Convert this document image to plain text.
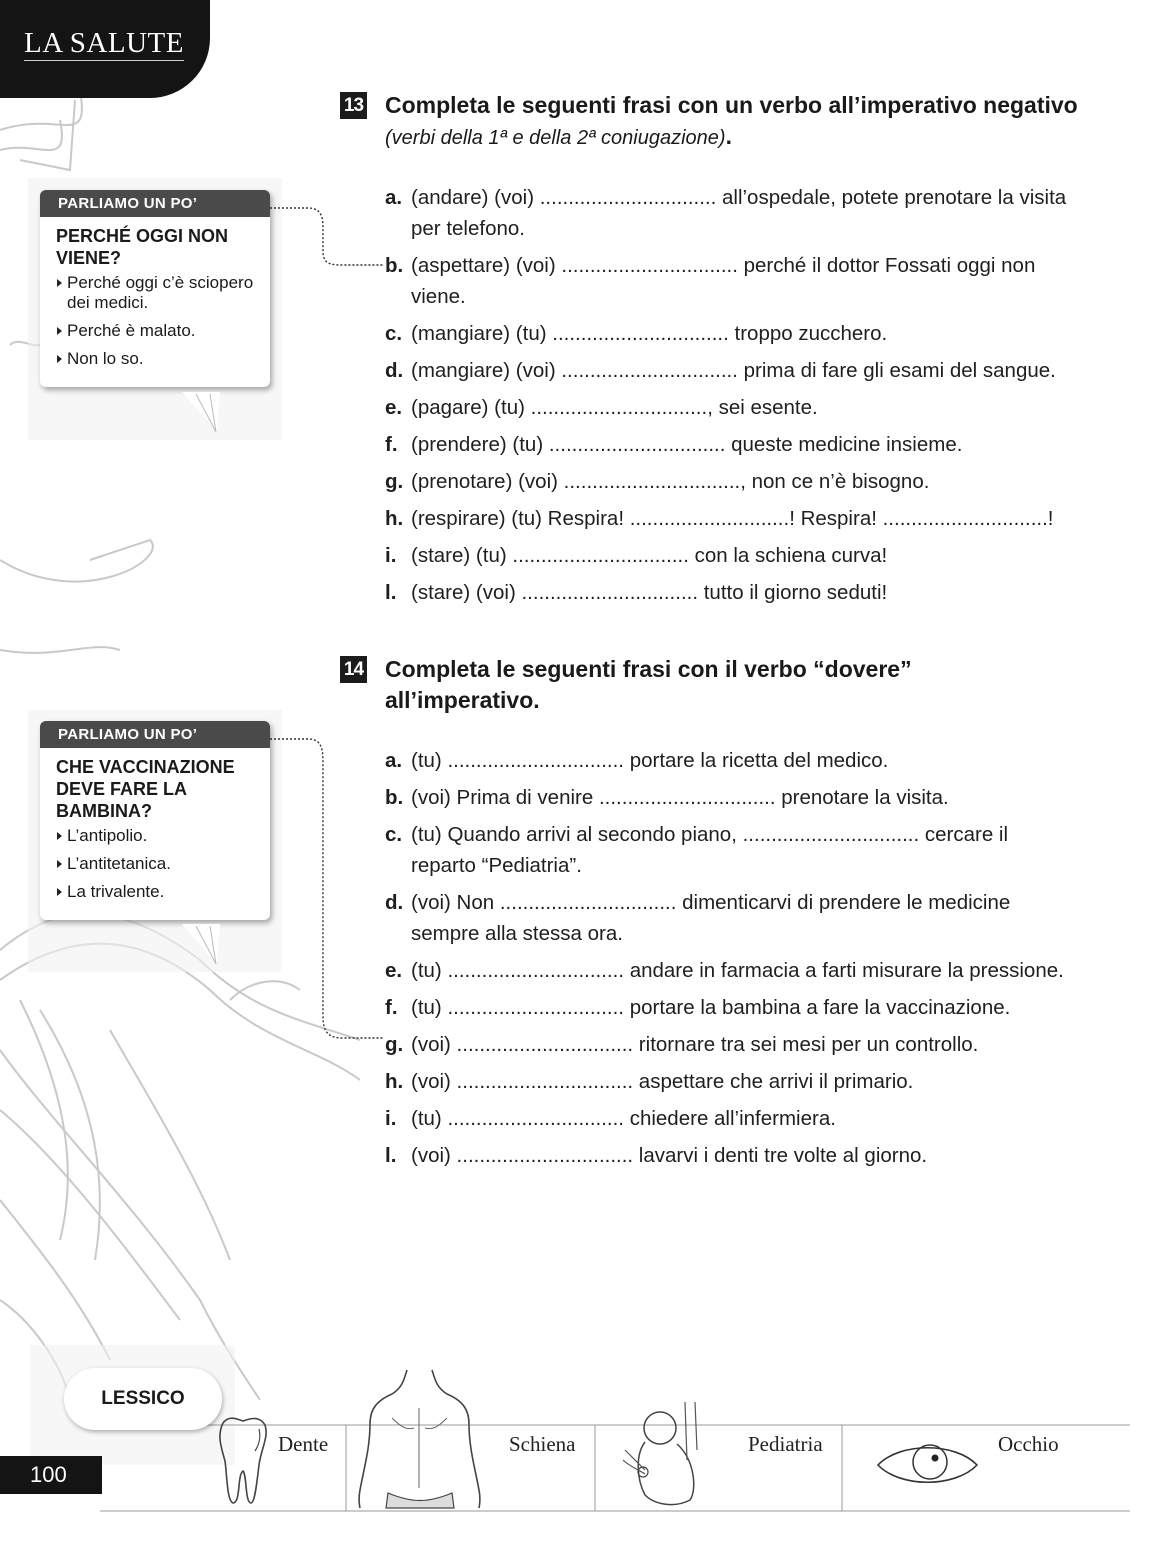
LA SALUTE
13 Completa le seguenti frasi con un verbo all’imperativo negativo (verbi della 1ª e della 2ª coniugazione).
a. (andare) (voi) ............................... all’ospedale, potete prenotare la visita per telefono.
b. (aspettare) (voi) ............................... perché il dottor Fossati oggi non viene.
c. (mangiare) (tu) ............................... troppo zucchero.
d. (mangiare) (voi) ............................... prima di fare gli esami del sangue.
e. (pagare) (tu) ..............................., sei esente.
f. (prendere) (tu) ............................... queste medicine insieme.
g. (prenotare) (voi) ..............................., non ce n’è bisogno.
h. (respirare) (tu) Respira! ............................! Respira! .............................!
i. (stare) (tu) ............................... con la schiena curva!
l. (stare) (voi) ............................... tutto il giorno seduti!
14 Completa le seguenti frasi con il verbo “dovere” all’imperativo.
a. (tu) ............................... portare la ricetta del medico.
b. (voi) Prima di venire ............................... prenotare la visita.
c. (tu) Quando arrivi al secondo piano, ............................... cercare il reparto “Pediatria”.
d. (voi) Non ............................... dimenticarvi di prendere le medicine sempre alla stessa ora.
e. (tu) ............................... andare in farmacia a farti misurare la pressione.
f. (tu) ............................... portare la bambina a fare la vaccinazione.
g. (voi) ............................... ritornare tra sei mesi per un controllo.
h. (voi) ............................... aspettare che arrivi il primario.
i. (tu) ............................... chiedere all’infermiera.
l. (voi) ............................... lavarvi i denti tre volte al giorno.
PARLIAMO UN PO’
PERCHÉ OGGI NON VIENE?
Perché oggi c’è sciopero dei medici.
Perché è malato.
Non lo so.
PARLIAMO UN PO’
CHE VACCINAZIONE DEVE FARE LA BAMBINA?
L’antipolio.
L’antitetanica.
La trivalente.
Dente	Schiena	Pediatria	Occhio
LESSICO
100
